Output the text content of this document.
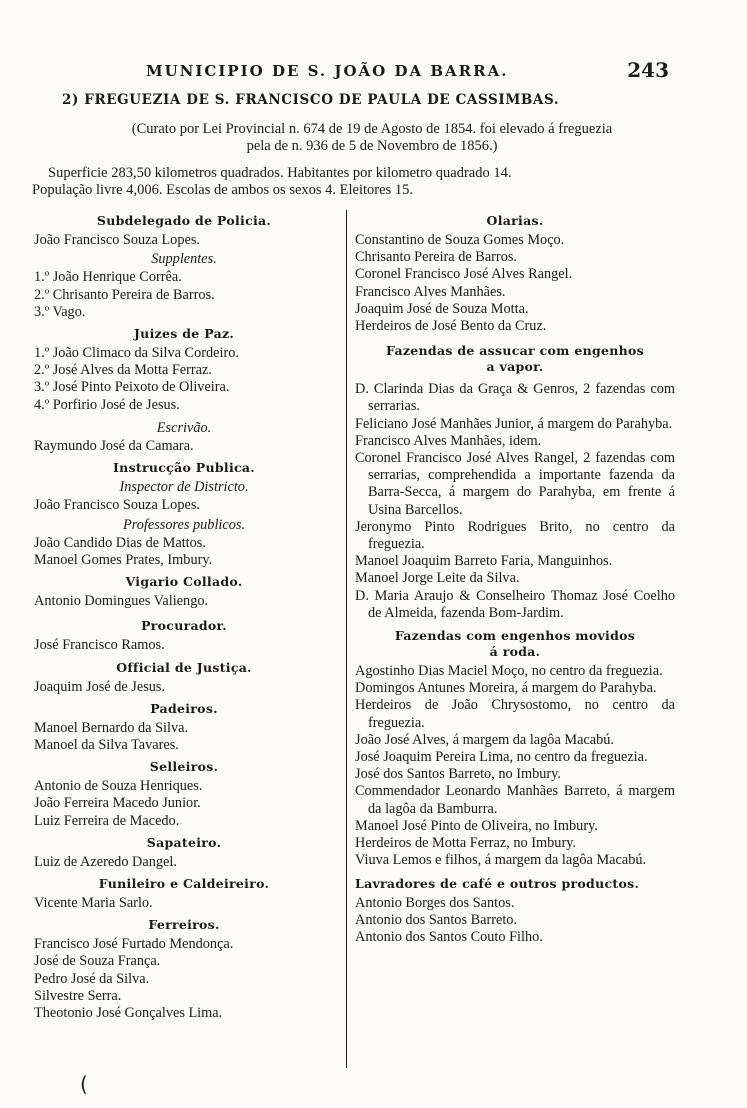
MUNICIPIO DE S. JOÃO DA BARRA.	243
2) FREGUEZIA DE S. FRANCISCO DE PAULA DE CASSIMBAS.

(Curato por Lei Provincial n. 674 de 19 de Agosto de 1854. foi elevado á freguezia

pela de n. 936 de 5 de Novembro de 1856.)

Superficie 283,50 kilometros quadrados. Habitantes por kilometro quadrado 14.

População livre 4,006. Escolas de ambos os sexos 4. Eleitores 15.

Subdelegado de Policia.
João Francisco Souza Lopes.
Supplentes.
1.º João Henrique Corrêa.
2.º Chrisanto Pereira de Barros.
3.º Vago.
Juizes de Paz.
1.º João Climaco da Silva Cordeiro.
2.º José Alves da Motta Ferraz.
3.º José Pinto Peixoto de Oliveira.
4.º Porfirio José de Jesus.
Escrivão.
Raymundo José da Camara.
Instrucção Publica.
Inspector de Districto.
João Francisco Souza Lopes.
Professores publicos.
João Candido Dias de Mattos.
Manoel Gomes Prates, Imbury.
Vigario Collado.
Antonio Domingues Valiengo.
Procurador.
José Francisco Ramos.
Official de Justiça.
Joaquim José de Jesus.
Padeiros.
Manoel Bernardo da Silva.
Manoel da Silva Tavares.
Selleiros.
Antonio de Souza Henriques.
João Ferreira Macedo Junior.
Luiz Ferreira de Macedo.
Sapateiro.
Luiz de Azeredo Dangel.
Funileiro e Caldeireiro.
Vicente Maria Sarlo.
Ferreiros.
Francisco José Furtado Mendonça.
José de Souza França.
Pedro José da Silva.
Silvestre Serra.
Theotonio José Gonçalves Lima.
Olarias.
Constantino de Souza Gomes Moço.
Chrisanto Pereira de Barros.
Coronel Francisco José Alves Rangel.
Francisco Alves Manhães.
Joaquim José de Souza Motta.
Herdeiros de José Bento da Cruz.
Fazendas de assucar com engenhos
a vapor.

D. Clarinda Dias da Graça & Genros, 2 fazendas com serrarias.

Feliciano José Manhães Junior, á margem do Parahyba.

Francisco Alves Manhães, idem.

Coronel Francisco José Alves Rangel, 2 fazendas com serrarias, comprehendida a importante fazenda da Barra-Secca, á margem do Parahyba, em frente á Usina Barcellos.

Jeronymo Pinto Rodrigues Brito, no centro da freguezia.

Manoel Joaquim Barreto Faria, Manguinhos.

Manoel Jorge Leite da Silva.

D. Maria Araujo & Conselheiro Thomaz José Coelho de Almeida, fazenda Bom-Jardim.

Fazendas com engenhos movidos
á roda.

Agostinho Dias Maciel Moço, no centro da freguezia.

Domingos Antunes Moreira, á margem do Parahyba.

Herdeiros de João Chrysostomo, no centro da freguezia.

João José Alves, á margem da lagôa Macabú.

José Joaquim Pereira Lima, no centro da freguezia.

José dos Santos Barreto, no Imbury.

Commendador Leonardo Manhães Barreto, á margem da lagôa da Bamburra.

Manoel José Pinto de Oliveira, no Imbury.

Herdeiros de Motta Ferraz, no Imbury.

Viuva Lemos e filhos, á margem da lagôa Macabú.

Lavradores de café e outros productos.
Antonio Borges dos Santos.
Antonio dos Santos Barreto.
Antonio dos Santos Couto Filho.
(
